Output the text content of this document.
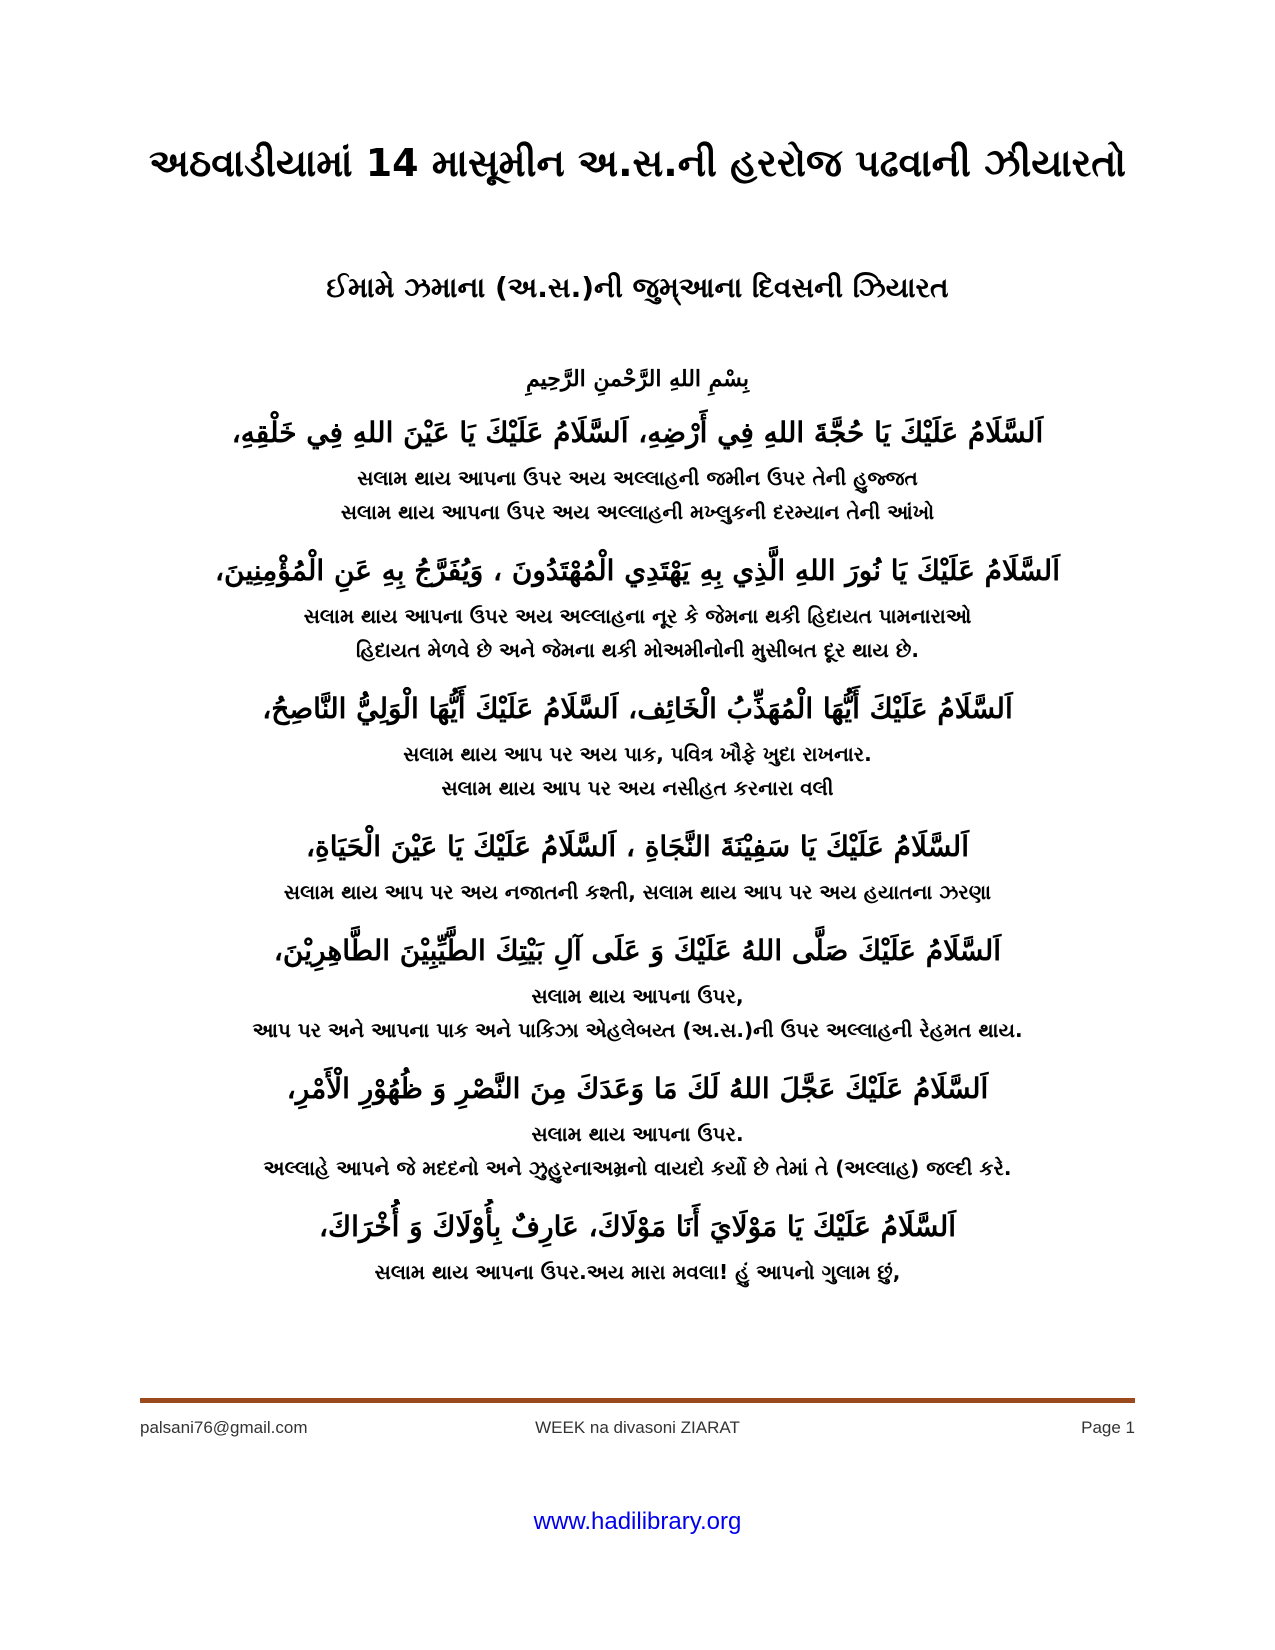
અઠવાડીયામાં 14 માસૂમીન અ.સ.ની હરરોજ પઢવાની ઝીયારતો
ઈમામે ઝમાના (અ.સ.)ની જુમ્આના દિવસની ઝિયારત
بِسْمِ اللهِ الرَّحْمنِ الرَّحِيمِ
اَلسَّلَامُ عَلَيْكَ يَا حُجَّةَ اللهِ فِي أَرْضِهِ، اَلسَّلَامُ عَلَيْكَ يَا عَيْنَ اللهِ فِي خَلْقِهِ،
સલામ થાય આપના ઉપર અય અલ્લાહની જમીન ઉપર તેની હુજ્જત
સલામ થાય આપના ઉપર અય અલ્લાહની મખ્લુકની દરમ્યાન તેની આંખો
اَلسَّلَامُ عَلَيْكَ يَا نُورَ اللهِ الَّذِي بِهِ يَهْتَدِي الْمُهْتَدُونَ ، وَيُفَرَّجُ بِهِ عَنِ الْمُؤْمِنِينَ،
સલામ થાય આપના ઉપર અય અલ્લાહના નૂર કે જેમના થકી હિદાયત પામનારાઓ
હિદાયત મેળવે છે અને જેમના થકી મોઅમીનોની મુસીબત દૂર થાય છે.
اَلسَّلَامُ عَلَيْكَ أَيُّهَا الْمُهَذِّبُ الْخَائِف، اَلسَّلَامُ عَلَيْكَ أَيُّهَا الْوَلِيُّ النَّاصِحُ،
સલામ થાય આપ પર અય પાક, પવિત્ર ખૌફે ખુદા રાખનાર.
સલામ થાય આપ પર અય નસીહત કરનારા વલી
اَلسَّلَامُ عَلَيْكَ يَا سَفِيْنَةَ النَّجَاةِ ، اَلسَّلَامُ عَلَيْكَ يَا عَيْنَ الْحَيَاةِ،
સલામ થાય આપ પર અય નજાતની કશ્તી, સલામ થાય આપ પર અય હયાતના ઝરણા
اَلسَّلَامُ عَلَيْكَ صَلَّى اللهُ عَلَيْكَ وَ عَلَى آلِ بَيْتِكَ الطَّيِّبِيْنَ الطَّاهِرِيْنَ،
સલામ થાય આપના ઉપર,
આપ પર અને આપના પાક અને પાકિઝા એહલેબય્ત (અ.સ.)ની ઉપર અલ્લાહની રેહમત થાય.
اَلسَّلَامُ عَلَيْكَ عَجَّلَ اللهُ لَكَ مَا وَعَدَكَ مِنَ النَّصْرِ وَ ظُهُوْرِ الْأَمْرِ،
સલામ થાય આપના ઉપર.
અલ્લાહે આપને જે મદદનો અને ઝુહુરનાઅમ્રનો વાયદો કર્યો છે તેમાં તે (અલ્લાહ) જલ્દી કરે.
اَلسَّلَامُ عَلَيْكَ يَا مَوْلَايَ أَنَا مَوْلَاكَ، عَارِفٌ بِأُوْلَاكَ وَ أُخْرَاكَ،
સલામ થાય આપના ઉપર.અય મારા મવલા! હું આપનો ગુલામ છું,
palsani76@gmail.com	WEEK na divasoni ZIARAT	Page 1
www.hadilibrary.org
